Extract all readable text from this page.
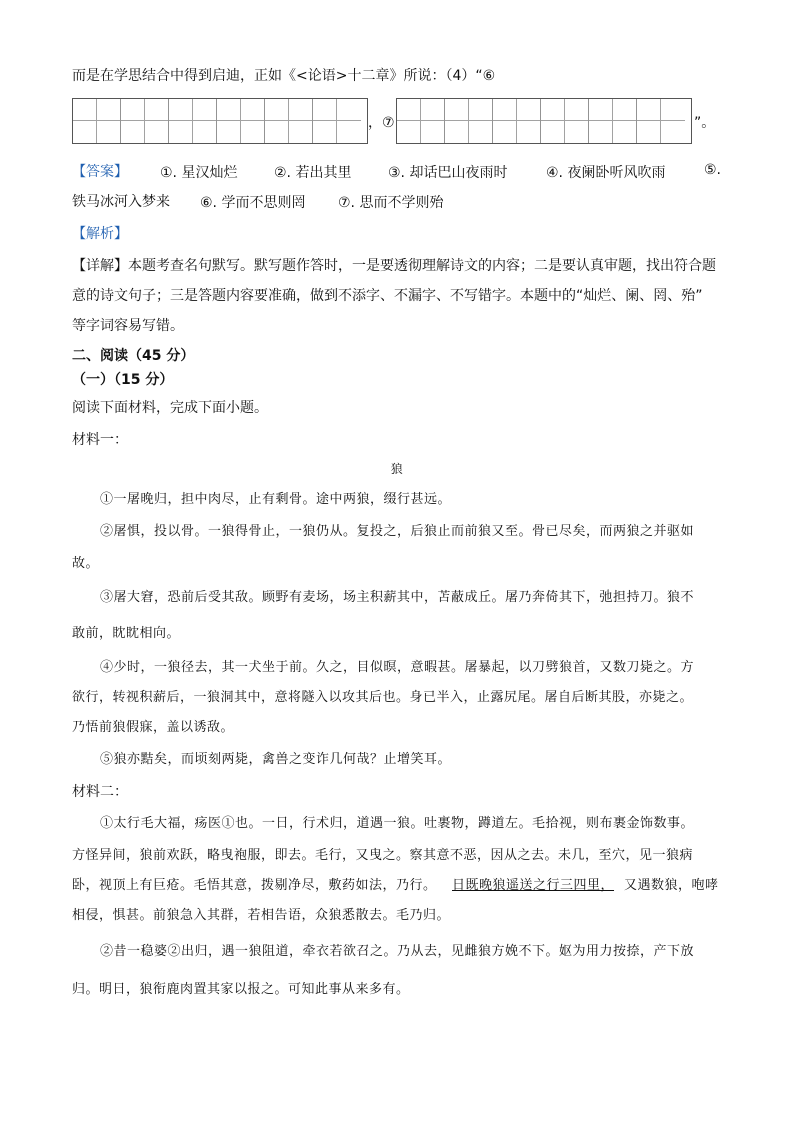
而是在学思结合中得到启迪，正如《<论语>十二章》所说：（4）“⑥
，⑦	”。
【答案】 ①. 星汉灿烂	②. 若出其里	③. 却话巴山夜雨时	④. 夜阑卧听风吹雨	⑤.
铁马冰河入梦来 ⑥. 学而不思则罔 ⑦. 思而不学则殆
【解析】
【详解】本题考查名句默写。默写题作答时，一是要透彻理解诗文的内容；二是要认真审题，找出符合题
意的诗文句子；三是答题内容要准确，做到不添字、不漏字、不写错字。本题中的“灿烂、阑、罔、殆”
等字词容易写错。
二、阅读（45 分）
（一）（15 分）
阅读下面材料，完成下面小题。
材料一：
狼
①一屠晚归，担中肉尽，止有剩骨。途中两狼，缀行甚远。
②屠惧，投以骨。一狼得骨止，一狼仍从。复投之，后狼止而前狼又至。骨已尽矣，而两狼之并驱如
故。
③屠大窘，恐前后受其敌。顾野有麦场，场主积薪其中，苫蔽成丘。屠乃奔倚其下，弛担持刀。狼不
敢前，眈眈相向。
④少时，一狼径去，其一犬坐于前。久之，目似暝，意暇甚。屠暴起，以刀劈狼首，又数刀毙之。方
欲行，转视积薪后，一狼洞其中，意将隧入以攻其后也。身已半入，止露尻尾。屠自后断其股，亦毙之。
乃悟前狼假寐，盖以诱敌。
⑤狼亦黠矣，而顷刻两毙，禽兽之变诈几何哉？止增笑耳。
材料二：
①太行毛大福，疡医①也。一日，行术归，道遇一狼。吐裹物，蹲道左。毛拾视，则布裹金饰数事。
方怪异间，狼前欢跃，略曳袍服，即去。毛行，又曳之。察其意不恶，因从之去。未几，至穴，见一狼病
卧，视顶上有巨疮。毛悟其意，拨剔净尽，敷药如法，乃行。 日既晚狼遥送之行三四里， 又遇数狼，咆哮
相侵，惧甚。前狼急入其群，若相告语，众狼悉散去。毛乃归。
②昔一稳婆②出归，遇一狼阻道，牵衣若欲召之。乃从去，见雌狼方娩不下。妪为用力按捺，产下放
归。明日，狼衔鹿肉置其家以报之。可知此事从来多有。
